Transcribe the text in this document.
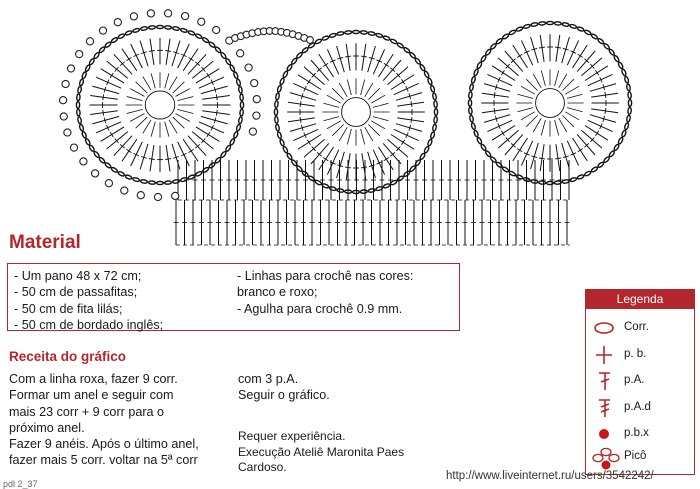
Material
- Um pano 48 x 72 cm;
- 50 cm de passafitas;
- 50 cm de fita lilás;
- 50 cm de bordado inglês;
- Linhas para crochê nas cores:
branco e roxo;
- Agulha para crochê 0.9 mm.
Receita do gráfico
Com a linha roxa, fazer 9 corr.
Formar um anel e seguir com
mais 23 corr + 9 corr para o
próximo anel.
Fazer 9 anéis. Após o último anel,
fazer mais 5 corr. voltar na 5ª corr
com 3 p.A.
Seguir o gráfico.
Requer experiência.
Execução Ateliê Maronita Paes
Cardoso.
Legenda
Corr.
p. b.
p.A.
p.A.d
p.b.x
Picô
http://www.liveinternet.ru/users/3542242/
pdl 2_37
